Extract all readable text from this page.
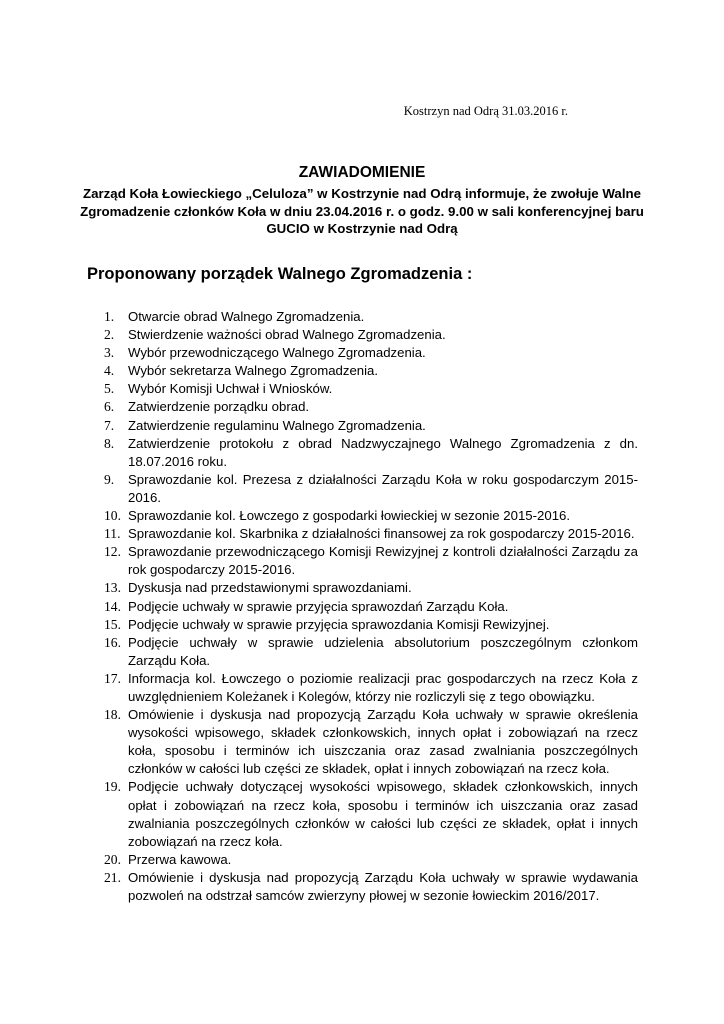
Kostrzyn nad Odrą 31.03.2016 r.
ZAWIADOMIENIE
Zarząd Koła Łowieckiego „Celuloza” w Kostrzynie nad Odrą informuje, że zwołuje Walne Zgromadzenie członków Koła w dniu 23.04.2016 r. o godz. 9.00 w sali konferencyjnej baru GUCIO w Kostrzynie nad Odrą
Proponowany porządek Walnego Zgromadzenia :
1.	Otwarcie obrad Walnego Zgromadzenia.
2.	Stwierdzenie ważności obrad Walnego Zgromadzenia.
3.	Wybór przewodniczącego Walnego Zgromadzenia.
4.	Wybór sekretarza Walnego Zgromadzenia.
5.	Wybór Komisji Uchwał i Wniosków.
6.	Zatwierdzenie porządku obrad.
7.	Zatwierdzenie regulaminu Walnego Zgromadzenia.
8.	Zatwierdzenie protokołu z obrad Nadzwyczajnego Walnego Zgromadzenia z dn. 18.07.2016 roku.
9.	Sprawozdanie kol. Prezesa z działalności Zarządu Koła w roku gospodarczym 2015-2016.
10. Sprawozdanie kol. Łowczego z gospodarki łowieckiej w sezonie 2015-2016.
11. Sprawozdanie kol. Skarbnika z działalności finansowej za rok gospodarczy 2015-2016.
12. Sprawozdanie przewodniczącego Komisji Rewizyjnej z kontroli działalności Zarządu za rok gospodarczy 2015-2016.
13. Dyskusja nad przedstawionymi sprawozdaniami.
14. Podjęcie uchwały w sprawie przyjęcia sprawozdań Zarządu Koła.
15. Podjęcie uchwały w sprawie przyjęcia sprawozdania Komisji Rewizyjnej.
16. Podjęcie uchwały w sprawie udzielenia absolutorium poszczególnym członkom Zarządu Koła.
17. Informacja kol. Łowczego o poziomie realizacji prac gospodarczych na rzecz Koła z uwzględnieniem Koleżanek i Kolegów, którzy nie rozliczyli się z tego obowiązku.
18. Omówienie i dyskusja nad propozycją Zarządu Koła uchwały w sprawie określenia wysokości wpisowego, składek członkowskich, innych opłat i zobowiązań na rzecz koła, sposobu i terminów ich uiszczania oraz zasad zwalniania poszczególnych członków w całości lub części ze składek, opłat i innych zobowiązań na rzecz koła.
19. Podjęcie uchwały dotyczącej wysokości wpisowego, składek członkowskich, innych opłat i zobowiązań na rzecz koła, sposobu i terminów ich uiszczania oraz zasad zwalniania poszczególnych członków w całości lub części ze składek, opłat i innych zobowiązań na rzecz koła.
20. Przerwa kawowa.
21. Omówienie i dyskusja nad propozycją Zarządu Koła uchwały w sprawie wydawania pozwoleń na odstrzał samców zwierzyny płowej w sezonie łowieckim 2016/2017.
